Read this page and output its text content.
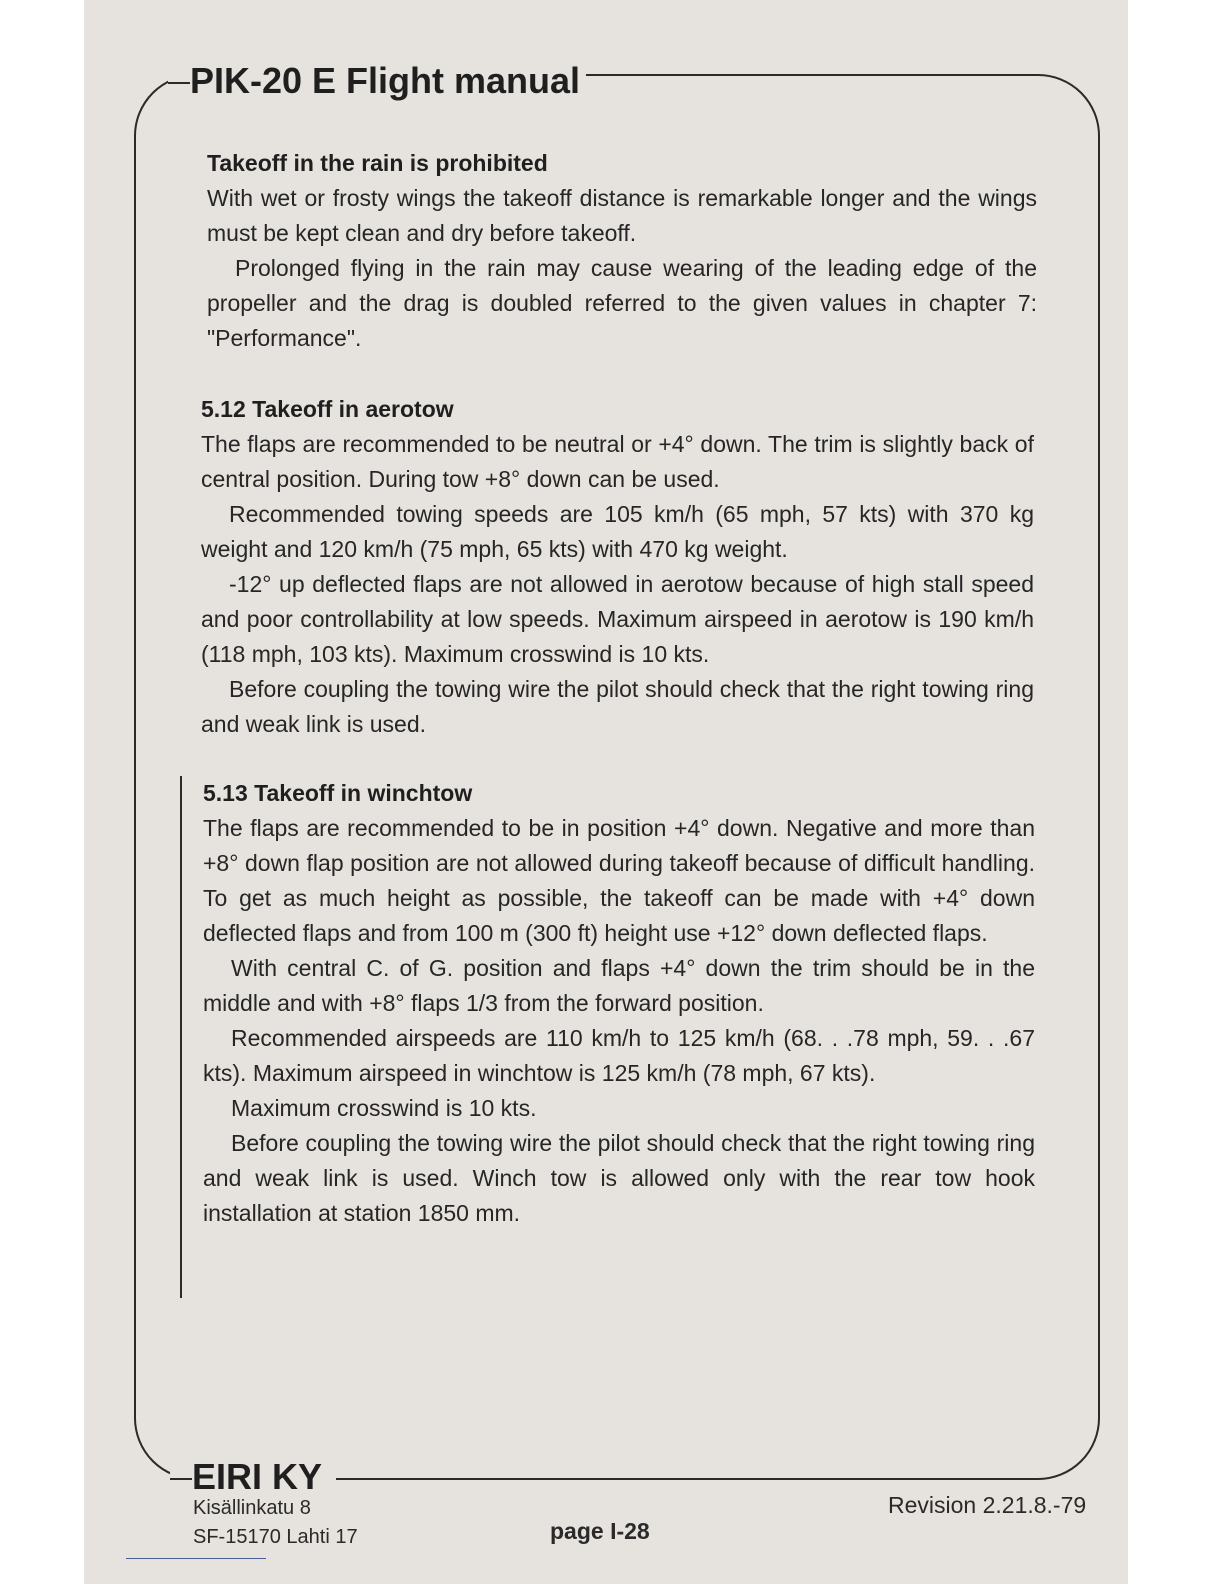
PIK-20 E Flight manual

Takeoff in the rain is prohibited

With wet or frosty wings the takeoff distance is remarkable longer and the wings must be kept clean and dry before takeoff.

Prolonged flying in the rain may cause wearing of the leading edge of the propeller and the drag is doubled referred to the given values in chapter 7: "Performance".

5.12 Takeoff in aerotow

The flaps are recommended to be neutral or +4° down. The trim is slightly back of central position. During tow +8° down can be used.

Recommended towing speeds are 105 km/h (65 mph, 57 kts) with 370 kg weight and 120 km/h (75 mph, 65 kts) with 470 kg weight.

-12° up deflected flaps are not allowed in aerotow because of high stall speed and poor controllability at low speeds. Maximum airspeed in aerotow is 190 km/h (118 mph, 103 kts). Maximum crosswind is 10 kts.

Before coupling the towing wire the pilot should check that the right towing ring and weak link is used.

5.13 Takeoff in winchtow

The flaps are recommended to be in position +4° down. Negative and more than +8° down flap position are not allowed during takeoff because of difficult handling. To get as much height as possible, the takeoff can be made with +4° down deflected flaps and from 100 m (300 ft) height use +12° down deflected flaps.

With central C. of G. position and flaps +4° down the trim should be in the middle and with +8° flaps 1/3 from the forward position.

Recommended airspeeds are 110 km/h to 125 km/h (68. . .78 mph, 59. . .67 kts). Maximum airspeed in winchtow is 125 km/h (78 mph, 67 kts).

Maximum crosswind is 10 kts.

Before coupling the towing wire the pilot should check that the right towing ring and weak link is used. Winch tow is allowed only with the rear tow hook installation at station 1850 mm.

EIRI KY
Kisällinkatu 8
SF-15170 Lahti 17	page I-28
Revision 2.21.8.-79
